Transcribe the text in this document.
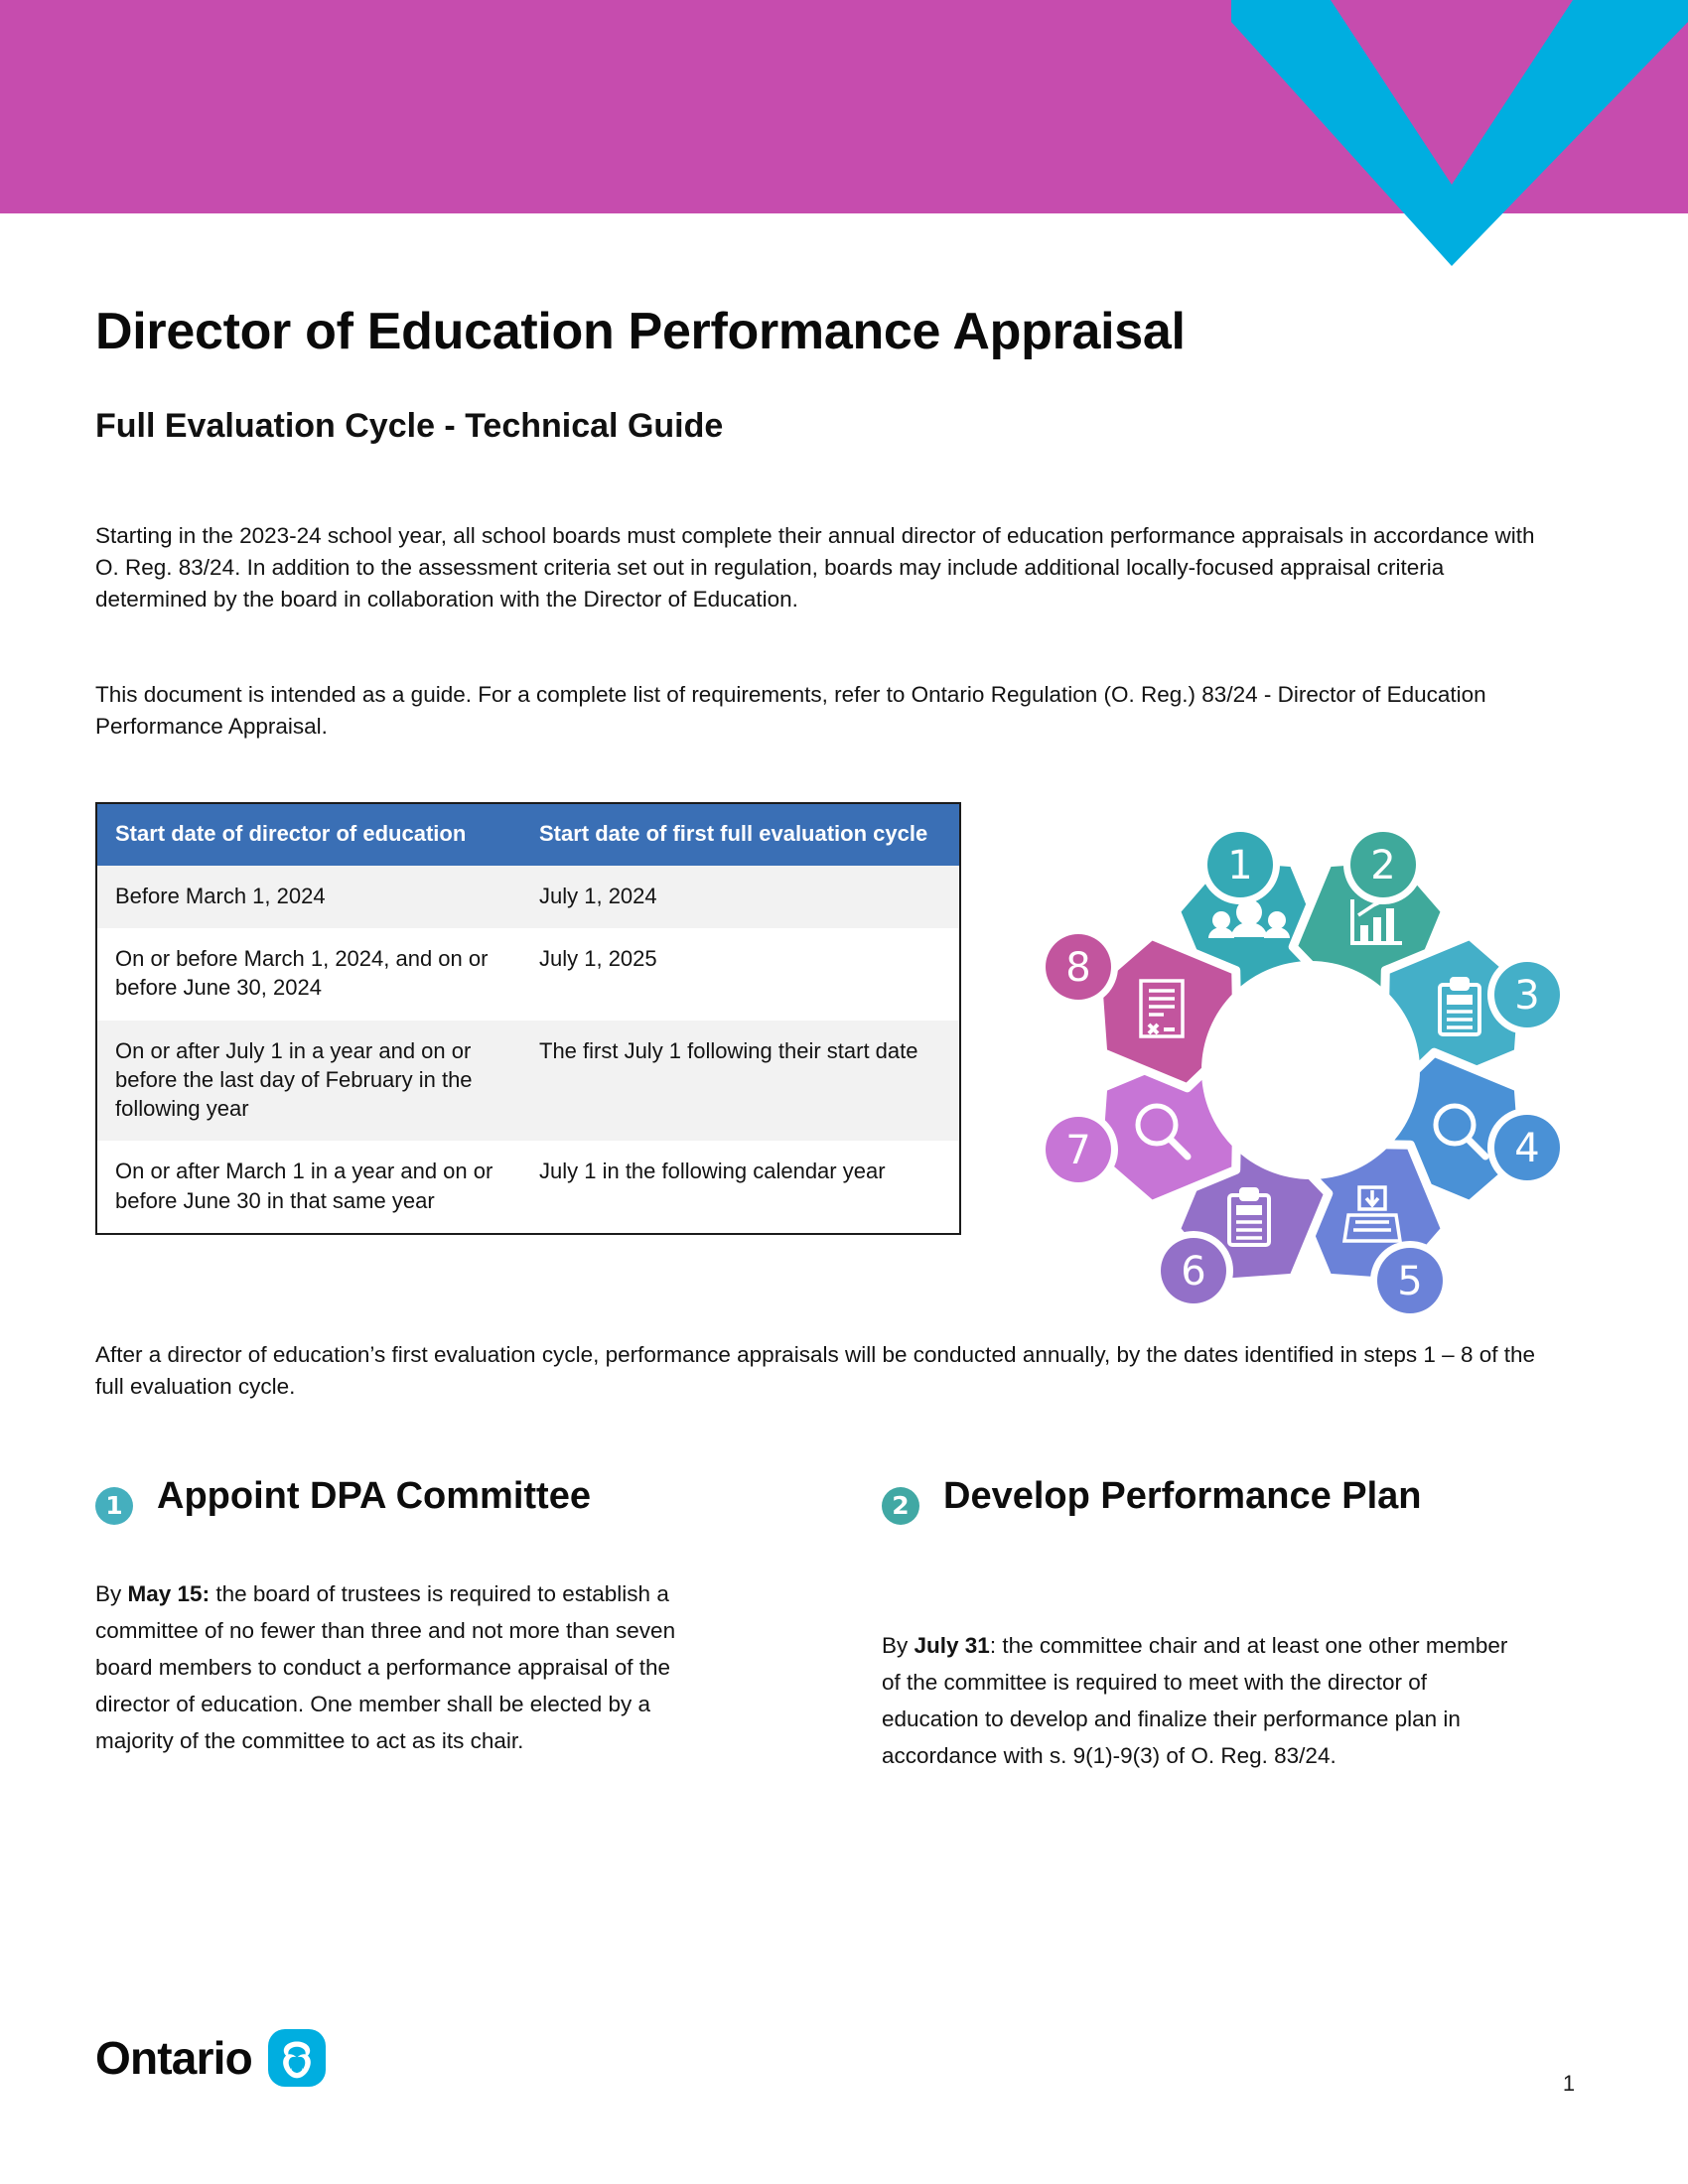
Director of Education Performance Appraisal
Full Evaluation Cycle - Technical Guide
Starting in the 2023-24 school year, all school boards must complete their annual director of education performance appraisals in accordance with O. Reg. 83/24. In addition to the assessment criteria set out in regulation, boards may include additional locally-focused appraisal criteria determined by the board in collaboration with the Director of Education.
This document is intended as a guide. For a complete list of requirements, refer to Ontario Regulation (O. Reg.) 83/24 - Director of Education Performance Appraisal.
Start date of director of education	Start date of first full evaluation cycle
Before March 1, 2024	July 1, 2024
On or before March 1, 2024, and on or before June 30, 2024	July 1, 2025
On or after July 1 in a year and on or before the last day of February in the following year	The first July 1 following their start date
On or after March 1 in a year and on or before June 30 in that same year	July 1 in the following calendar year
1	2
3
4
5
6
7
8
After a director of education’s first evaluation cycle, performance appraisals will be conducted annually, by the dates identified in steps 1 – 8 of the full evaluation cycle.
1 Appoint DPA Committee
By May 15: the board of trustees is required to establish a committee of no fewer than three and not more than seven board members to conduct a performance appraisal of the director of education. One member shall be elected by a majority of the committee to act as its chair.
2 Develop Performance Plan
By July 31: the committee chair and at least one other member of the committee is required to meet with the director of education to develop and finalize their performance plan in accordance with s. 9(1)-9(3) of O. Reg. 83/24.
Ontario	1
